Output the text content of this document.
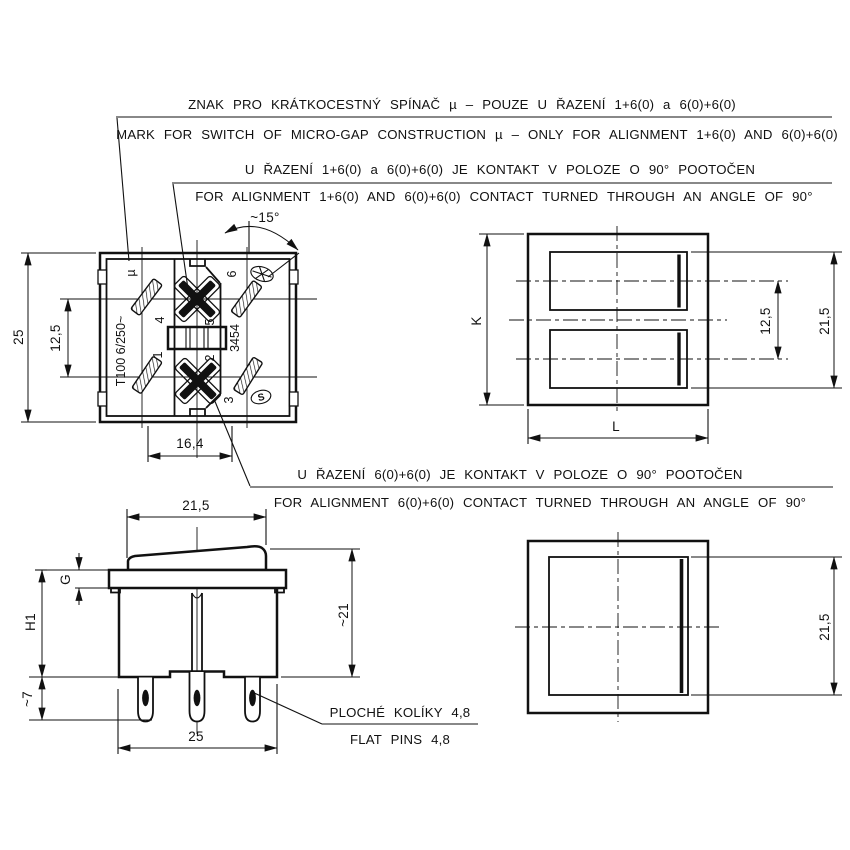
ZNAK PRO KRÁTKOCESTNÝ SPÍNAČ µ – POUZE U ŘAZENÍ 1+6(0) a 6(0)+6(0)
MARK FOR SWITCH OF MICRO-GAP CONSTRUCTION µ – ONLY FOR ALIGNMENT 1+6(0) AND 6(0)+6(0)
U ŘAZENÍ 1+6(0) a 6(0)+6(0) JE KONTAKT V POLOZE O 90° POOTOČEN
FOR ALIGNMENT 1+6(0) AND 6(0)+6(0) CONTACT TURNED THROUGH AN ANGLE OF 90°
U ŘAZENÍ 6(0)+6(0) JE KONTAKT V POLOZE O 90° POOTOČEN
FOR ALIGNMENT 6(0)+6(0) CONTACT TURNED THROUGH AN ANGLE OF 90°
µ
T100 6/250~	3454
1	2
3
4	5
6
S
25 12,5
16,4
~15°
K
L
12,5	21,5
21,5
G
H1
~7
~21
25
21,5
PLOCHÉ KOLÍKY 4,8
FLAT PINS 4,8
